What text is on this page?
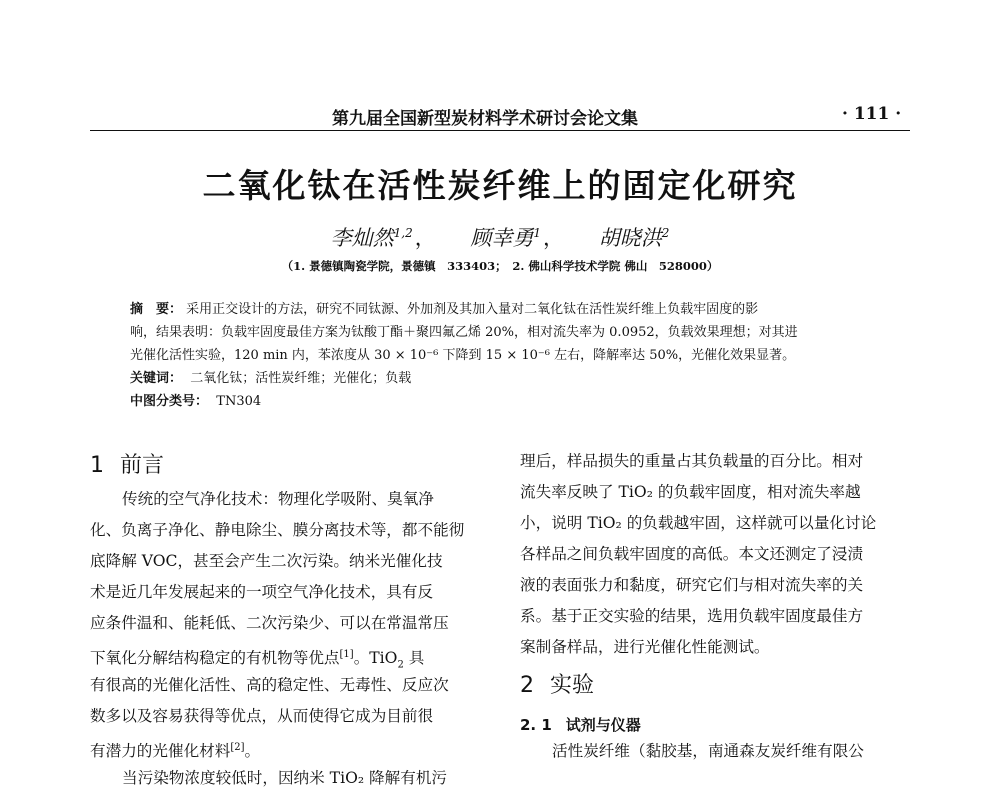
第九届全国新型炭材料学术研讨会论文集	· 111 ·
二氧化钛在活性炭纤维上的固定化研究
李灿然$^{1,2}$， 顾幸勇$^1$， 胡晓洪$^2$
（1. 景德镇陶瓷学院，景德镇　333403；　2. 佛山科学技术学院 佛山　528000）
摘　要： 采用正交设计的方法，研究不同钛源、外加剂及其加入量对二氧化钛在活性炭纤维上负载牢固度的影
响，结果表明：负载牢固度最佳方案为钛酸丁酯＋聚四氟乙烯 20%，相对流失率为 0.0952，负载效果理想；对其进
光催化活性实验，120 min 内，苯浓度从 30 × 10⁻⁶ 下降到 15 × 10⁻⁶ 左右，降解率达 50%，光催化效果显著。
关键词： 二氧化钛；活性炭纤维；光催化；负载
中图分类号： TN304
1 前言
传统的空气净化技术：物理化学吸附、臭氧净
化、负离子净化、静电除尘、膜分离技术等，都不能彻
底降解 VOC，甚至会产生二次污染。纳米光催化技
术是近几年发展起来的一项空气净化技术，具有反
应条件温和、能耗低、二次污染少、可以在常温常压
下氧化分解结构稳定的有机物等优点[1]。TiO$_2$ 具
有很高的光催化活性、高的稳定性、无毒性、反应次
数多以及容易获得等优点，从而使得它成为目前很
有潜力的光催化材料[2]。
当污染物浓度较低时，因纳米 TiO₂ 降解有机污
理后，样品损失的重量占其负载量的百分比。相对
流失率反映了 TiO₂ 的负载牢固度，相对流失率越
小，说明 TiO₂ 的负载越牢固，这样就可以量化讨论
各样品之间负载牢固度的高低。本文还测定了浸渍
液的表面张力和黏度，研究它们与相对流失率的关
系。基于正交实验的结果，选用负载牢固度最佳方
案制备样品，进行光催化性能测试。
2 实验
2. 1 试剂与仪器
活性炭纤维（黏胶基，南通森友炭纤维有限公
